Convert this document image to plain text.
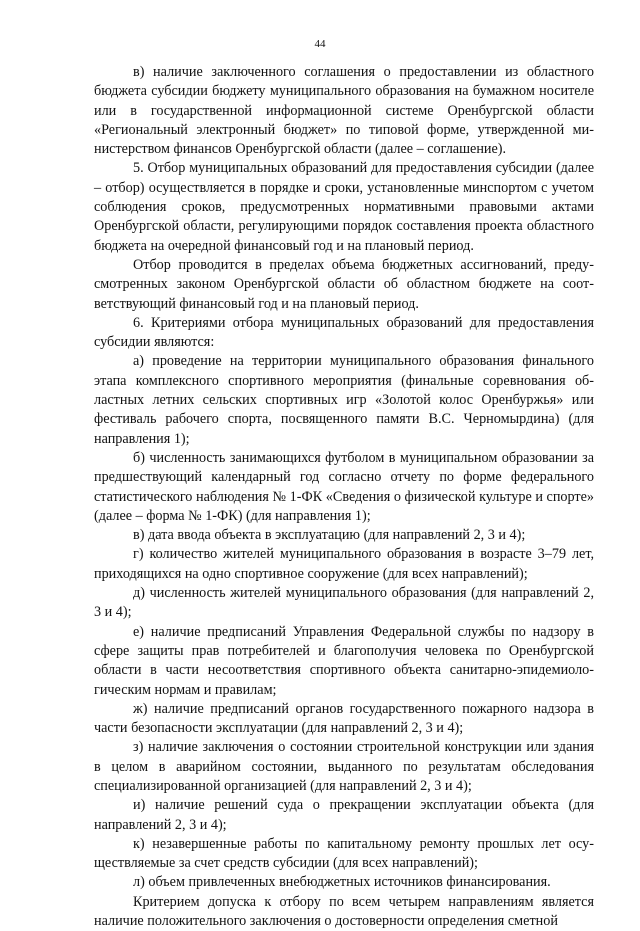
44

в) наличие заключенного соглашения о предоставлении из областного бюджета субсидии бюджету муниципального образования на бумажном носителе или в государственной информационной системе Оренбургской области «Региональный электронный бюджет» по типовой форме, утвержденной министерством финансов Оренбургской области (далее – соглашение).

5. Отбор муниципальных образований для предоставления субсидии (далее – отбор) осуществляется в порядке и сроки, установленные минспортом с учетом соблюдения сроков, предусмотренных нормативными правовыми актами Оренбургской области, регулирующими порядок составления проекта областного бюджета на очередной финансовый год и на плановый период.

Отбор проводится в пределах объема бюджетных ассигнований, предусмотренных законом Оренбургской области об областном бюджете на соответствующий финансовый год и на плановый период.

6. Критериями отбора муниципальных образований для предоставления субсидии являются:

а) проведение на территории муниципального образования финального этапа комплексного спортивного мероприятия (финальные соревнования областных летних сельских спортивных игр «Золотой колос Оренбуржья» или фестиваль рабочего спорта, посвященного памяти В.С. Черномырдина) (для направления 1);

б) численность занимающихся футболом в муниципальном образовании за предшествующий календарный год согласно отчету по форме федерального статистического наблюдения № 1-ФК «Сведения о физической культуре и спорте» (далее – форма № 1-ФК) (для направления 1);

в) дата ввода объекта в эксплуатацию (для направлений 2, 3 и 4);

г) количество жителей муниципального образования в возрасте 3–79 лет, приходящихся на одно спортивное сооружение (для всех направлений);

д) численность жителей муниципального образования (для направлений 2, 3 и 4);

е) наличие предписаний Управления Федеральной службы по надзору в сфере защиты прав потребителей и благополучия человека по Оренбургской области в части несоответствия спортивного объекта санитарно-эпидемиологическим нормам и правилам;

ж) наличие предписаний органов государственного пожарного надзора в части безопасности эксплуатации (для направлений 2, 3 и 4);

з) наличие заключения о состоянии строительной конструкции или здания в целом в аварийном состоянии, выданного по результатам обследования специализированной организацией (для направлений 2, 3 и 4);

и) наличие решений суда о прекращении эксплуатации объекта (для направлений 2, 3 и 4);

к) незавершенные работы по капитальному ремонту прошлых лет осуществляемые за счет средств субсидии (для всех направлений);

л) объем привлеченных внебюджетных источников финансирования.

Критерием допуска к отбору по всем четырем направлениям является наличие положительного заключения о достоверности определения сметной
